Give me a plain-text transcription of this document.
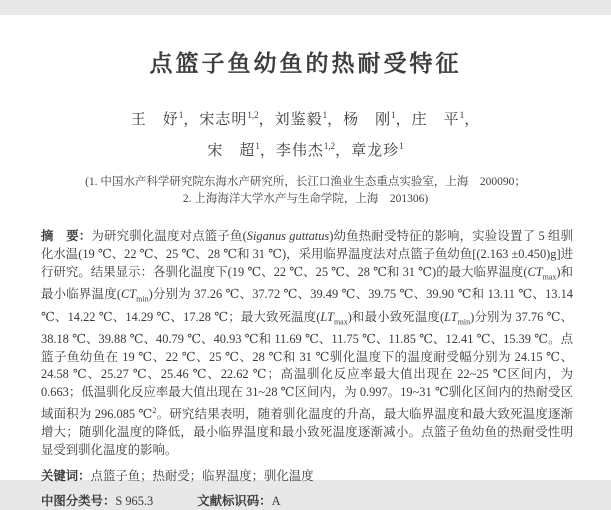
点篮子鱼幼鱼的热耐受特征
王　妤$^1$，宋志明$^{1,2}$，刘鉴毅$^1$，杨　刚$^1$，庄　平$^1$，
宋　超$^1$，李伟杰$^{1,2}$，章龙珍$^1$
(1. 中国水产科学研究院东海水产研究所，长江口渔业生态重点实验室，上海　200090；
2. 上海海洋大学水产与生命学院，上海　201306)

摘　要：为研究驯化温度对点篮子鱼(Siganus guttatus)幼鱼热耐受特征的影响，实验设置了 5 组驯化水温(19 ℃、22 ℃、25 ℃、28 ℃和 31 ℃)，采用临界温度法对点篮子鱼幼鱼[(2.163 ±0.450)g]进行研究。结果显示：各驯化温度下(19 ℃、22 ℃、25 ℃、28 ℃和 31 ℃)的最大临界温度$(CT_{max})$和最小临界温度$(CT_{min})$分别为 37.26 ℃、37.72 ℃、39.49 ℃、39.75 ℃、39.90 ℃和 13.11 ℃、13.14 ℃、14.22 ℃、14.29 ℃、17.28 ℃；最大致死温度$(LT_{max})$和最小致死温度$(LT_{min})$分别为 37.76 ℃、38.18 ℃、39.88 ℃、40.79 ℃、40.93 ℃和 11.69 ℃、11.75 ℃、11.85 ℃、12.41 ℃、15.39 ℃。点篮子鱼幼鱼在 19 ℃、22 ℃、25 ℃、28 ℃和 31 ℃驯化温度下的温度耐受幅分别为 24.15 ℃、24.58 ℃、25.27 ℃、25.46 ℃、22.62 ℃；高温驯化反应率最大值出现在 22~25 ℃区间内，为 0.663；低温驯化反应率最大值出现在 31~28 ℃区间内，为 0.997。19~31 ℃驯化区间内的热耐受区域面积为 296.085 ℃$^2$。研究结果表明，随着驯化温度的升高，最大临界温度和最大致死温度逐渐增大；随驯化温度的降低，最小临界温度和最小致死温度逐渐减小。点篮子鱼幼鱼的热耐受性明显受到驯化温度的影响。

关键词：点篮子鱼；热耐受；临界温度；驯化温度

中图分类号：S 965.3	文献标识码：A
